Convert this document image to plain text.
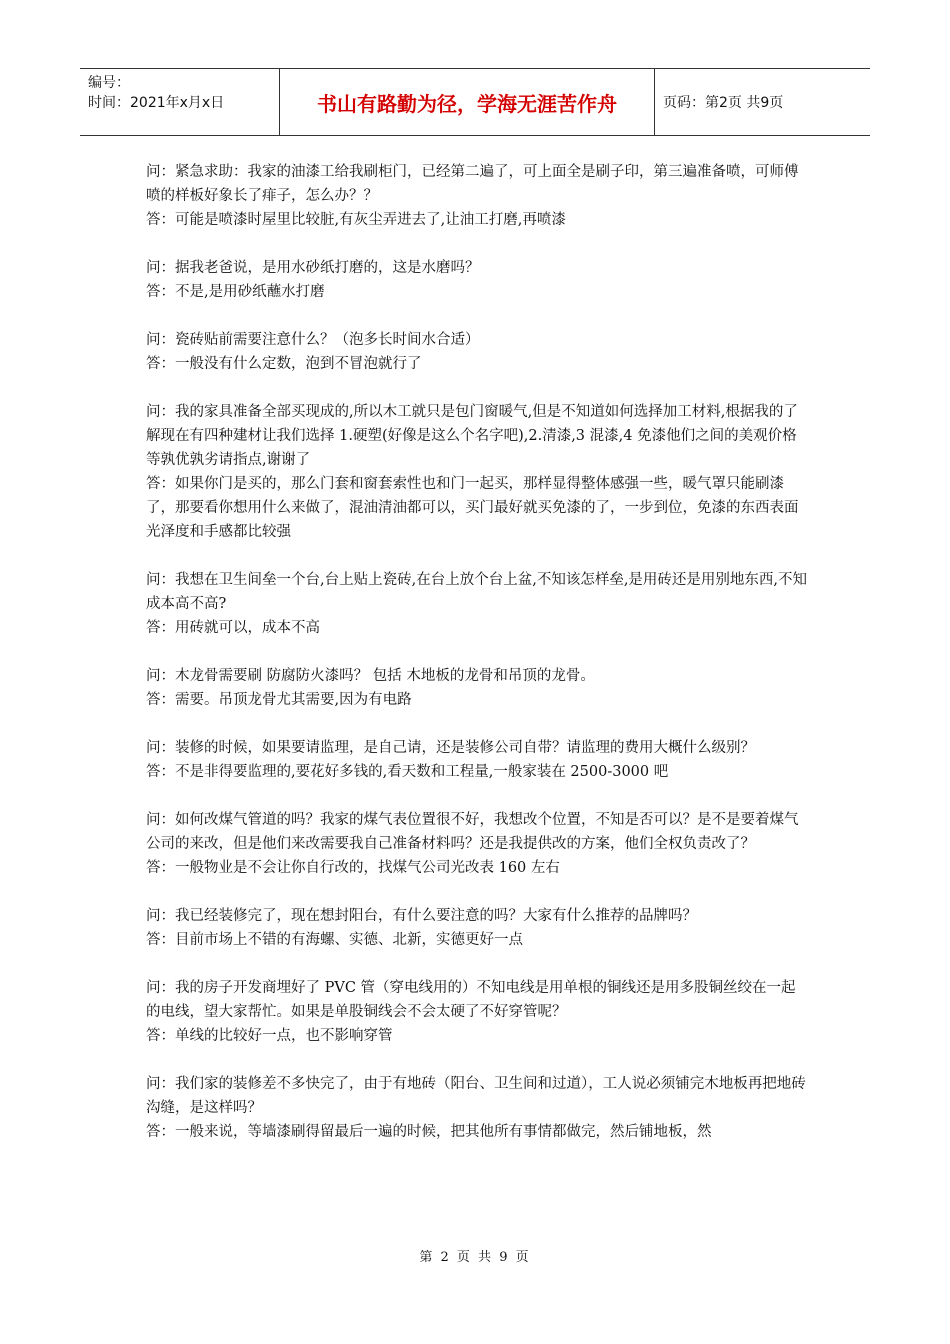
编号：
时间：2021年x月x日	书山有路勤为径，学海无涯苦作舟	页码：第2页 共9页

问：紧急求助：我家的油漆工给我刷柜门，已经第二遍了，可上面全是刷子印，第三遍准备喷，可师傅喷的样板好象长了痱子，怎么办？？

答：可能是喷漆时屋里比较脏,有灰尘弄进去了,让油工打磨,再喷漆

问：据我老爸说，是用水砂纸打磨的，这是水磨吗？

答：不是,是用砂纸蘸水打磨

问：瓷砖贴前需要注意什么？（泡多长时间水合适）

答：一般没有什么定数，泡到不冒泡就行了

问：我的家具准备全部买现成的,所以木工就只是包门窗暖气,但是不知道如何选择加工材料,根据我的了解现在有四种建材让我们选择 1.硬塑(好像是这么个名字吧),2.清漆,3 混漆,4 免漆他们之间的美观价格等孰优孰劣请指点,谢谢了

答：如果你门是买的，那么门套和窗套索性也和门一起买，那样显得整体感强一些，暖气罩只能刷漆了，那要看你想用什么来做了，混油清油都可以，买门最好就买免漆的了，一步到位，免漆的东西表面光泽度和手感都比较强

问：我想在卫生间垒一个台,台上贴上瓷砖,在台上放个台上盆,不知该怎样垒,是用砖还是用别地东西,不知成本高不高?

答：用砖就可以，成本不高

问：木龙骨需要刷 防腐防火漆吗？ 包括 木地板的龙骨和吊顶的龙骨。

答：需要。吊顶龙骨尤其需要,因为有电路

问：装修的时候，如果要请监理，是自己请，还是装修公司自带？请监理的费用大概什么级别？

答：不是非得要监理的,要花好多钱的,看天数和工程量,一般家装在 2500-3000 吧

问：如何改煤气管道的吗？我家的煤气表位置很不好，我想改个位置，不知是否可以？是不是要着煤气公司的来改，但是他们来改需要我自己准备材料吗？还是我提供改的方案，他们全权负责改了？

答：一般物业是不会让你自行改的，找煤气公司光改表 160 左右

问：我已经装修完了，现在想封阳台，有什么要注意的吗？大家有什么推荐的品牌吗？

答：目前市场上不错的有海螺、实德、北新，实德更好一点

问：我的房子开发商埋好了 PVC 管（穿电线用的）不知电线是用单根的铜线还是用多股铜丝绞在一起的电线，望大家帮忙。如果是单股铜线会不会太硬了不好穿管呢？

答：单线的比较好一点，也不影响穿管

问：我们家的装修差不多快完了，由于有地砖（阳台、卫生间和过道），工人说必须铺完木地板再把地砖沟缝，是这样吗？

答：一般来说，等墙漆刷得留最后一遍的时候，把其他所有事情都做完，然后铺地板，然

第 2 页 共 9 页
